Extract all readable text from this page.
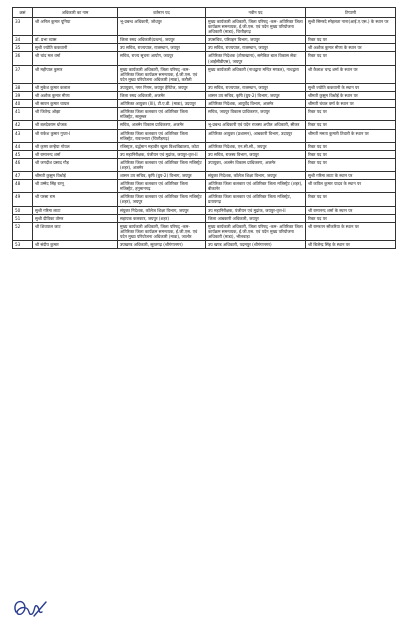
क्रसं	अधिकारी का नाम	वर्तमान पद	नवीन पद	टिप्पणी
33	श्री अनिल कुमार पूनिया	भू-प्रबन्ध अधिकारी, जोधपुर	मुख्य कार्यकारी अधिकारी, जिला परिषद् -कम- अतिरिक्त जिला कार्यक्रम समन्वयक, ई.जी.एस. एवं पदेन मुख्य परियोजना अधिकारी (माडा), चित्तौड़गढ़	सुश्री सिमरदे स्नेहलता नाना(आई.ए.एस.) के स्थान पर
34	डॉ. प्रभा व्यास	जिला रसद अधिकारी(प्रथम), जयपुर	उपसचिव, परिवहन विभाग, जयपुर	रिक्त पद पर
35	सुश्री ज्योति ककवानी	उप सचिव, राज्यपाल, राजस्थान, जयपुर	उप सचिव, राज्यपाल, राजस्थान, जयपुर	श्री अशोक कुमार मीणा के स्थान पर
36	श्री चांद मल वर्मा	सचिव, राज्य सूचना आयोग, जयपुर	अतिरिक्त निदेशक (तोषाखाना), समेकित बाल विकास सेवा (आईसीडीएस), जयपुर	रिक्त पद पर
37	श्री महीपाल कुमार	मुख्य कार्यकारी अधिकारी, जिला परिषद् -कम- अतिरिक्त जिला कार्यक्रम समन्वयक, ई.जी.एस. एवं पदेन मुख्य परियोजना अधिकारी (माडा), करौली	मुख्य कार्यकारी अधिकारी (नाथद्वारा मन्दिर मण्डल), नाथद्वारा	श्री कैलाश चन्द्र शर्मा के स्थान पर
38	श्री मुकेश कुमार कलाल	उपायुक्त, नगर निगम, जयपुर हेरिटेज, जयपुर	उप सचिव, राज्यपाल, राजस्थान, जयपुर	सुश्री ज्योति ककवानी के स्थान पर
39	श्री अशोक कुमार मीणा	जिला रसद अधिकारी, अजमेर	शासन उप सचिव, कृषि (ग्रुप-2) विभाग, जयपुर	श्रीमती कुसुम विश्नोई के स्थान पर
40	श्री सावन कुमार चायल	अतिरिक्त आयुक्त (III), टी.ए.डी. (माडा), उदयपुर	अतिरिक्त निदेशक, आयुर्वेद विभाग, अजमेर	श्रीमती चंचल वर्मा के स्थान पर
41	श्री जितेन्द्र ओझा	अतिरिक्त जिला कलक्टर एवं अतिरिक्त जिला मजिस्ट्रेट, सलूम्बर	सचिव, जयपुर विकास प्राधिकरण, जयपुर	रिक्त पद पर
42	श्री बलदेवराम धोजक	सचिव, अजमेर विकास प्राधिकरण, अजमेर	भू-प्रबन्ध अधिकारी एवं पदेन राजस्व अपील अधिकारी, सीकर	रिक्त पद पर
43	श्री राकेश कुमार गुप्ता-I	अतिरिक्त जिला कलक्टर एवं अतिरिक्त जिला मजिस्ट्रेट, रावतभाटा (चित्तौड़गढ़)	अतिरिक्त आयुक्त (प्रशासन), आबकारी विभाग, उदयपुर	श्रीमती ममता कुमारी तिवारी के स्थान पर
44	श्री कृष्ण कन्हैया गोयल	रजिस्ट्रार, वर्द्धमान महावीर खुला विश्वविद्यालय, कोटा	अतिरिक्त निदेशक, एन.सी.सी., जयपुर	रिक्त पद पर
45	श्री रामानन्द शर्मा	उप महानिरीक्षक, पंजीयन एवं मुद्रांक, जयपुर-वृत्त-II	उप सचिव, राजस्व विभाग, जयपुर	रिक्त पद पर
46	श्री जगदीश प्रसाद गौड़	अतिरिक्त जिला कलक्टर एवं अतिरिक्त जिला मजिस्ट्रेट (शहर), अजमेर	उपायुक्त, अजमेर विकास प्राधिकरण, अजमेर	रिक्त पद पर
47	श्रीमती कुसुम विश्नोई	शासन उप सचिव, कृषि (ग्रुप-2) विभाग, जयपुर	संयुक्त निदेशक, कॉलेज शिक्षा विभाग, जयपुर	सुश्री गरिमा लाटा के स्थान पर
48	श्री उम्मेद सिंह रतनू	अतिरिक्त जिला कलक्टर एवं अतिरिक्त जिला मजिस्ट्रेट, हनुमानगढ़	अतिरिक्त जिला कलक्टर एवं अतिरिक्त जिला मजिस्ट्रेट (शहर), बीकानेर	श्री कपिल कुमार यादव के स्थान पर
49	श्री परसा राम	अतिरिक्त जिला कलक्टर एवं अतिरिक्त जिला मजिस्ट्रेट (शहर), जयपुर	अतिरिक्त जिला कलक्टर एवं अतिरिक्त जिला मजिस्ट्रेट, प्रतापगढ़	रिक्त पद पर
50	सुश्री गरिमा लाटा	संयुक्त निदेशक, कॉलेज शिक्षा विभाग, जयपुर	उप महानिरीक्षक, पंजीयन एवं मुद्रांक, जयपुर-वृत्त-II	श्री रामानन्द शर्मा के स्थान पर
51	सुश्री दीपिका तोमर	सहायक कलक्टर, जयपुर (शहर)	जिला आबकारी अधिकारी, जयपुर	रिक्त पद पर
52	श्री शिवपाल जाट	मुख्य कार्यकारी अधिकारी, जिला परिषद् -कम- अतिरिक्त जिला कार्यक्रम समन्वयक, ई.जी.एस. एवं पदेन मुख्य परियोजना अधिकारी (माडा), जालोर	मुख्य कार्यकारी अधिकारी, जिला परिषद् -कम- अतिरिक्त जिला कार्यक्रम समन्वयक, ई.जी.एस. एवं पदेन मुख्य परियोजना अधिकारी (माडा), भीलवाड़ा	श्री रामरतन सौंकरिया के स्थान पर
53	श्री संदीप कुमार	उपखण्ड अधिकारी, सूरतगढ़ (श्रीगंगानगर)	उप खण्ड अधिकारी, पदमपुर (श्रीगंगानगर)	श्री बिजेन्द्र सिंह के स्थान पर
